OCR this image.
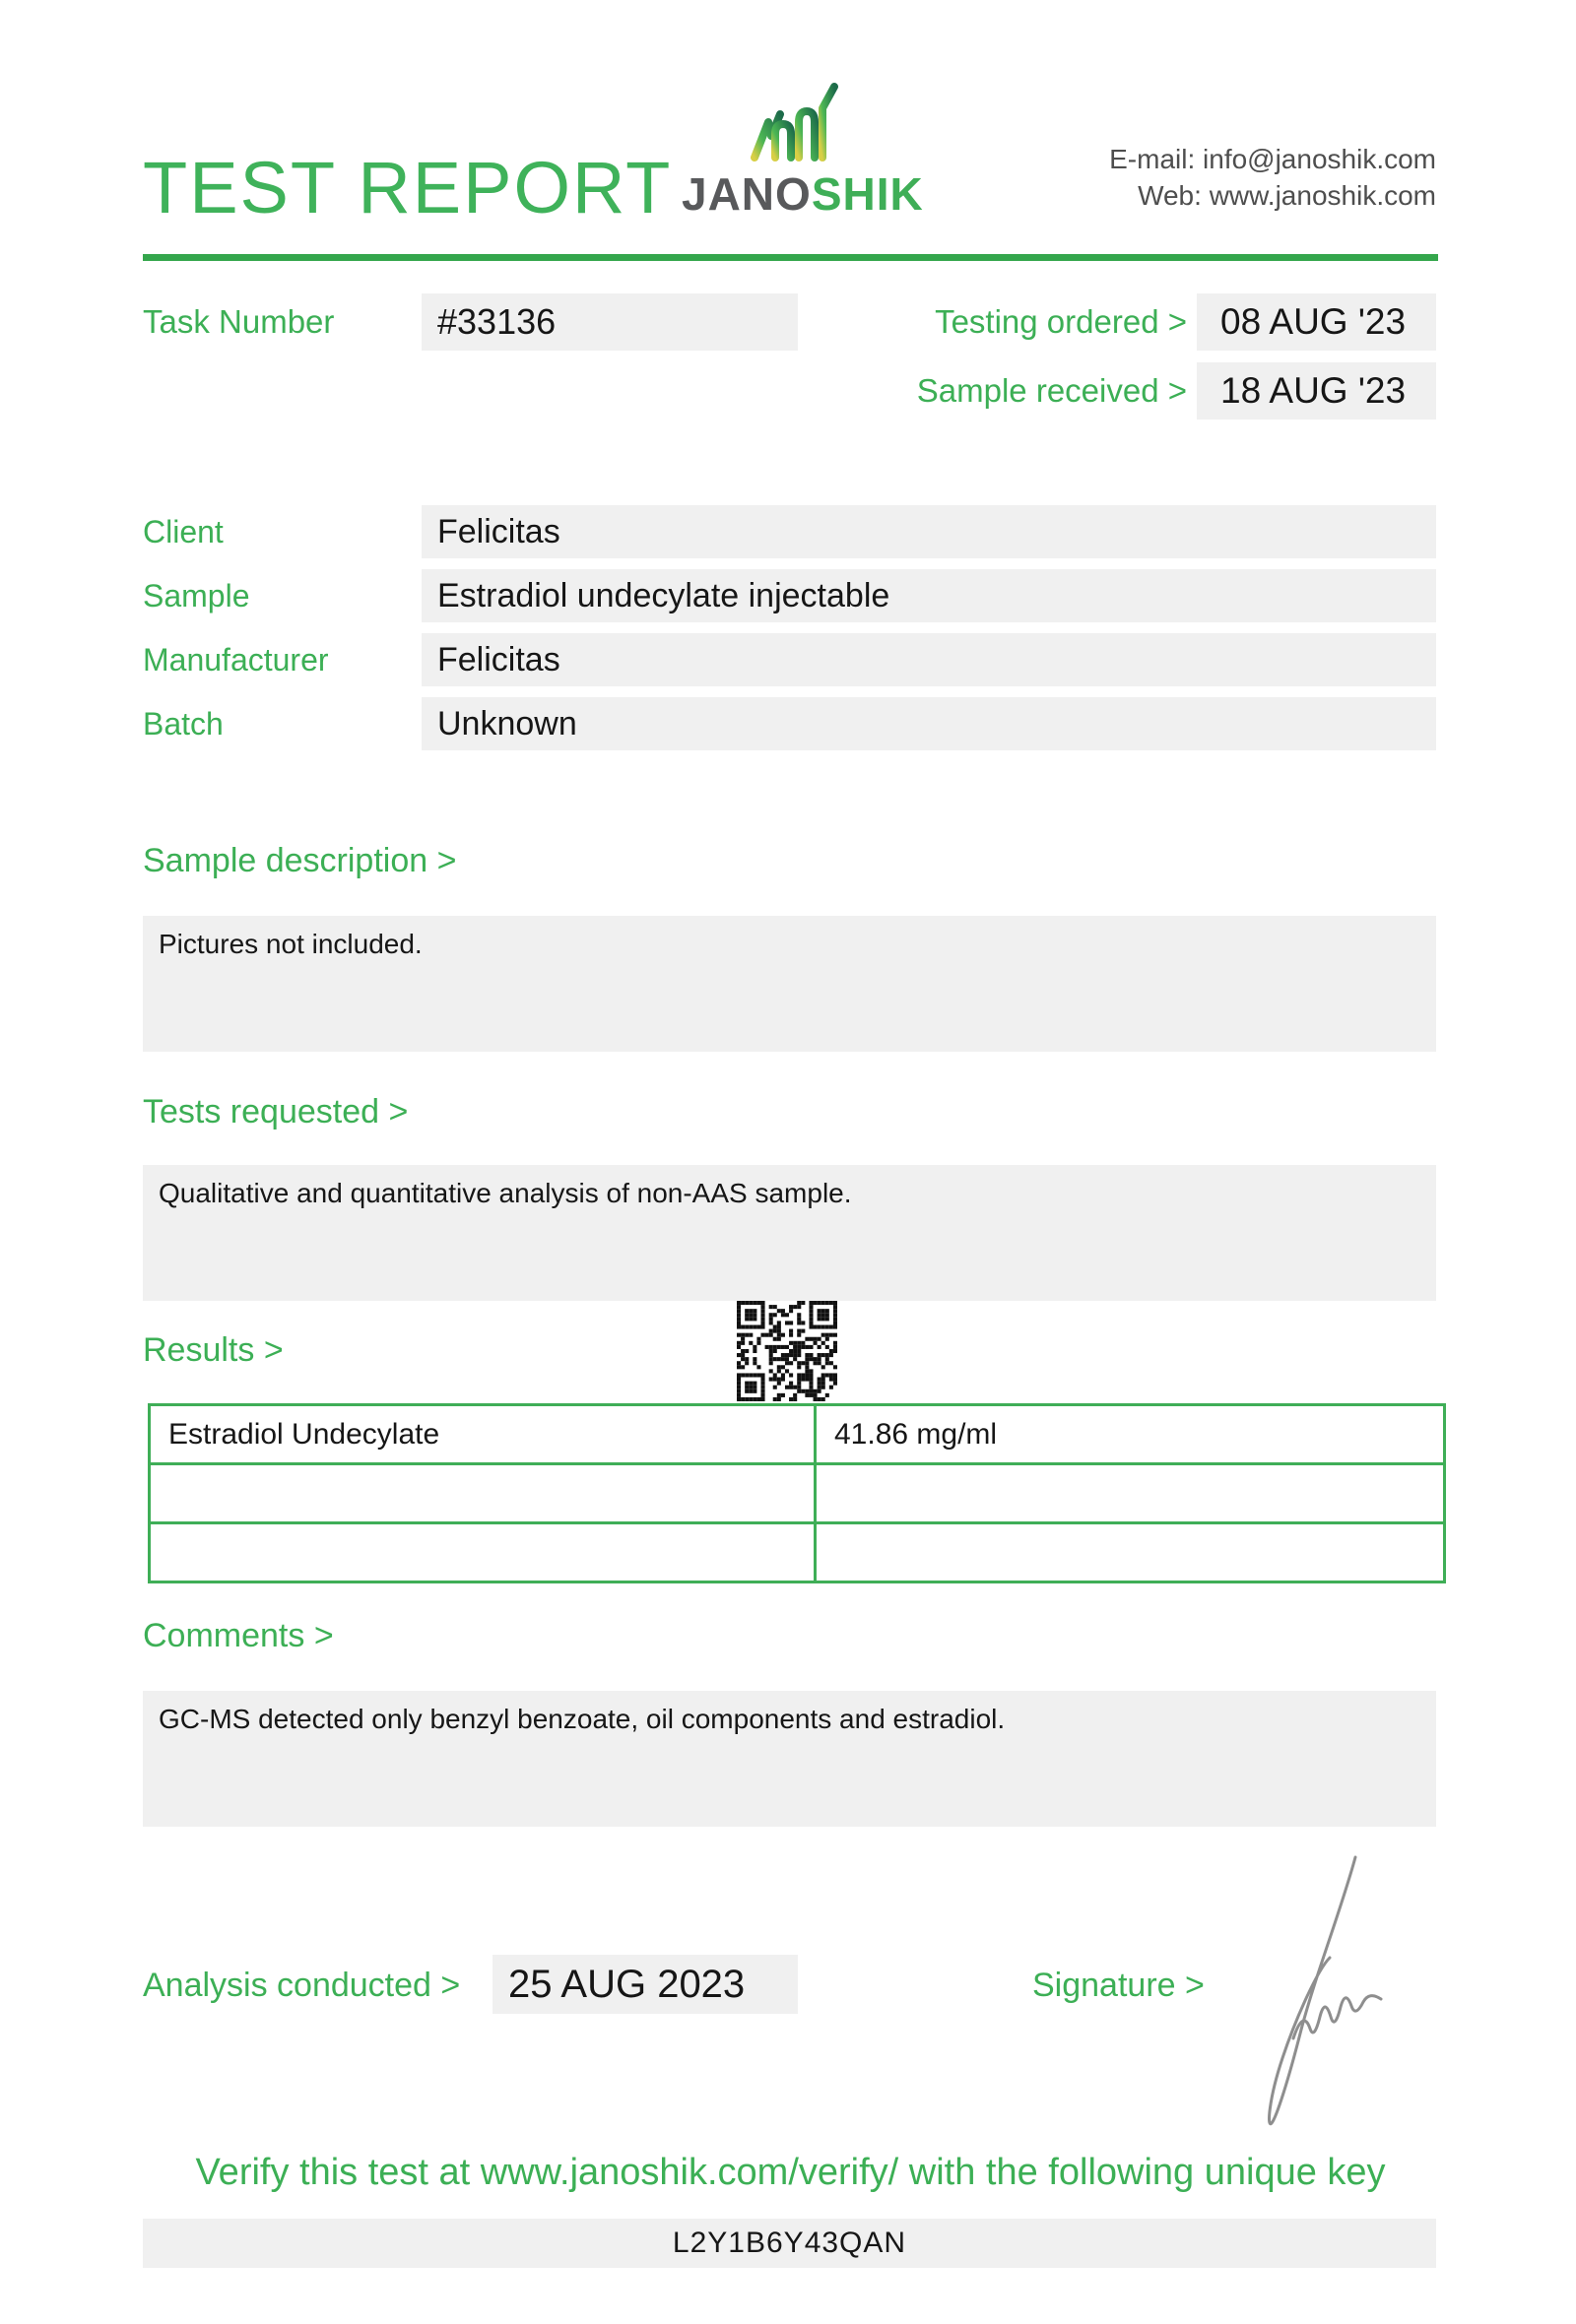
TEST REPORT JANOSHIK
E-mail: info@janoshik.com
Web: www.janoshik.com
Task Number	#33136	Testing ordered > 08 AUG '23
Sample received > 18 AUG '23
Client	Felicitas
Sample	Estradiol undecylate injectable
Manufacturer	Felicitas
Batch	Unknown
Sample description >
Pictures not included.
Tests requested >
Qualitative and quantitative analysis of non-AAS sample.
Results >
Estradiol Undecylate	41.86 mg/ml

Comments >
GC-MS detected only benzyl benzoate, oil components and estradiol.
Analysis conducted >	25 AUG 2023	Signature >
Verify this test at www.janoshik.com/verify/ with the following unique key
L2Y1B6Y43QAN
